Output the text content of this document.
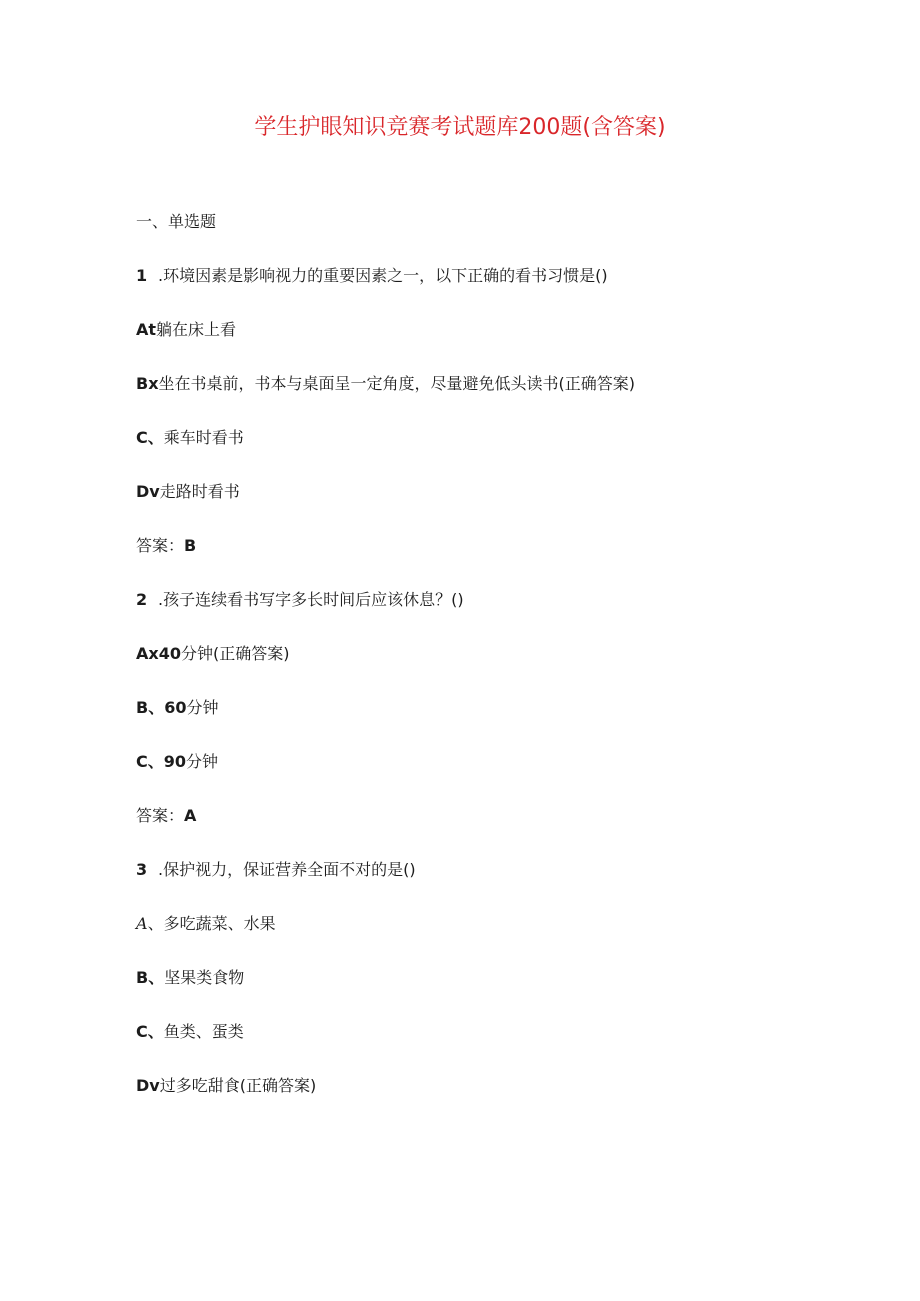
学生护眼知识竞赛考试题库200题(含答案)
一、单选题
1 .环境因素是影响视力的重要因素之一，以下正确的看书习惯是()
At躺在床上看
Bx坐在书桌前，书本与桌面呈一定角度，尽量避免低头读书(正确答案)
C、乘车时看书
Dv走路时看书
答案：B
2 .孩子连续看书写字多长时间后应该休息？()
Ax40分钟(正确答案)
B、60分钟
C、90分钟
答案：A
3 .保护视力，保证营养全面不对的是()
A、多吃蔬菜、水果
B、坚果类食物
C、鱼类、蛋类
Dv过多吃甜食(正确答案)
